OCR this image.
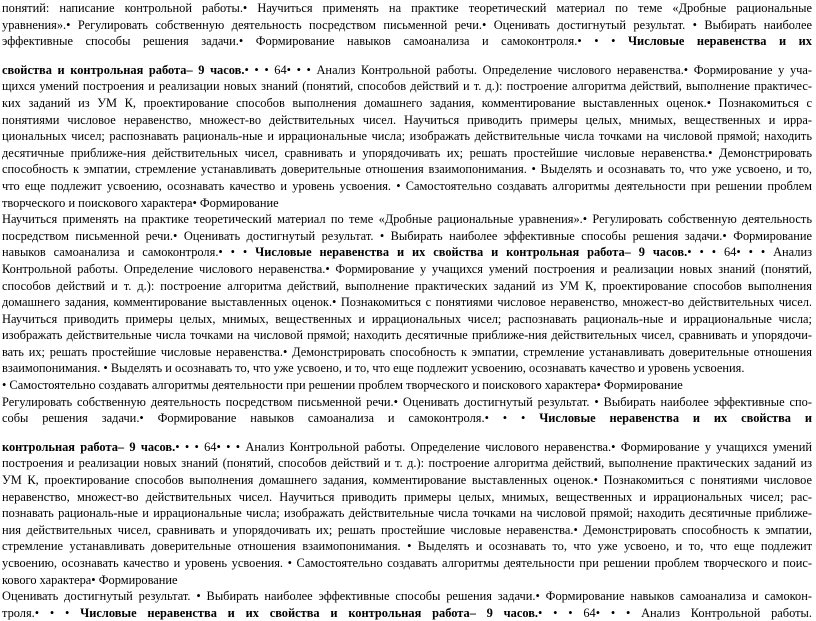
понятий: написание контрольной работы.• Научиться применять на практике теоретический материал по теме «Дробные рациональные
уравнения».• Регулировать собственную деятельность посредством письменной речи.• Оценивать достигнутый результат. • Выбирать наиболее
эффективные способы решения задачи.• Формирование навыков самоанализа и самоконтроля.• • • Числовые неравенства и их
свойства и контрольная работа– 9 часов.• • • 64• • • Анализ Контрольной работы. Определение числового неравенства.• Формирование у уча-
щихся умений построения и реализации новых знаний (понятий, способов действий и т. д.): построение алгоритма действий, выполнение практичес-
ких заданий из УМ К, проектирование способов выполнения домашнего задания, комментирование выставленных оценок.• Познакомиться с
понятиями числовое неравенство, множест-во действительных чисел. Научиться приводить примеры целых, мнимых, вещественных и ирра-
циональных чисел; распознавать рациональ-ные и иррациональные числа; изображать действительные числа точками на числовой прямой; находить
десятичные приближе-ния действительных чисел, сравнивать и упорядочивать их; решать простейшие числовые неравенства.• Демонстрировать
способность к эмпатии, стремление устанавливать доверительные отношения взаимопонимания. • Выделять и осознавать то, что уже усвоено, и то,
что еще подлежит усвоению, осознавать качество и уровень усвоения. • Самостоятельно создавать алгоритмы деятельности при решении проблем
творческого и поискового характера• Формирование
Научиться применять на практике теоретический материал по теме «Дробные рациональные уравнения».• Регулировать собственную деятельность
посредством письменной речи.• Оценивать достигнутый результат. • Выбирать наиболее эффективные способы решения задачи.• Формирование
навыков самоанализа и самоконтроля.• • • Числовые неравенства и их свойства и контрольная работа– 9 часов.• • • 64• • • Анализ
Контрольной работы. Определение числового неравенства.• Формирование у учащихся умений построения и реализации новых знаний (понятий,
способов действий и т. д.): построение алгоритма действий, выполнение практических заданий из УМ К, проектирование способов выполнения
домашнего задания, комментирование выставленных оценок.• Познакомиться с понятиями числовое неравенство, множест-во действительных чисел.
Научиться приводить примеры целых, мнимых, вещественных и иррациональных чисел; распознавать рациональ-ные и иррациональные числа;
изображать действительные числа точками на числовой прямой; находить десятичные приближе-ния действительных чисел, сравнивать и упорядочи-
вать их; решать простейшие числовые неравенства.• Демонстрировать способность к эмпатии, стремление устанавливать доверительные отношения
взаимопонимания. • Выделять и осознавать то, что уже усвоено, и то, что еще подлежит усвоению, осознавать качество и уровень усвоения.
• Самостоятельно создавать алгоритмы деятельности при решении проблем творческого и поискового характера• Формирование
Регулировать собственную деятельность посредством письменной речи.• Оценивать достигнутый результат. • Выбирать наиболее эффективные спо-
собы решения задачи.• Формирование навыков самоанализа и самоконтроля.• • • Числовые неравенства и их свойства и
контрольная работа– 9 часов.• • • 64• • • Анализ Контрольной работы. Определение числового неравенства.• Формирование у учащихся умений
построения и реализации новых знаний (понятий, способов действий и т. д.): построение алгоритма действий, выполнение практических заданий из
УМ К, проектирование способов выполнения домашнего задания, комментирование выставленных оценок.• Познакомиться с понятиями числовое
неравенство, множест-во действительных чисел. Научиться приводить примеры целых, мнимых, вещественных и иррациональных чисел; рас-
познавать рациональ-ные и иррациональные числа; изображать действительные числа точками на числовой прямой; находить десятичные приближе-
ния действительных чисел, сравнивать и упорядочивать их; решать простейшие числовые неравенства.• Демонстрировать способность к эмпатии,
стремление устанавливать доверительные отношения взаимопонимания. • Выделять и осознавать то, что уже усвоено, и то, что еще подлежит
усвоению, осознавать качество и уровень усвоения. • Самостоятельно создавать алгоритмы деятельности при решении проблем творческого и поис-
кового характера• Формирование
Оценивать достигнутый результат. • Выбирать наиболее эффективные способы решения задачи.• Формирование навыков самоанализа и самокон-
троля.• • • Числовые неравенства и их свойства и контрольная работа– 9 часов.• • • 64• • • Анализ Контрольной работы.
